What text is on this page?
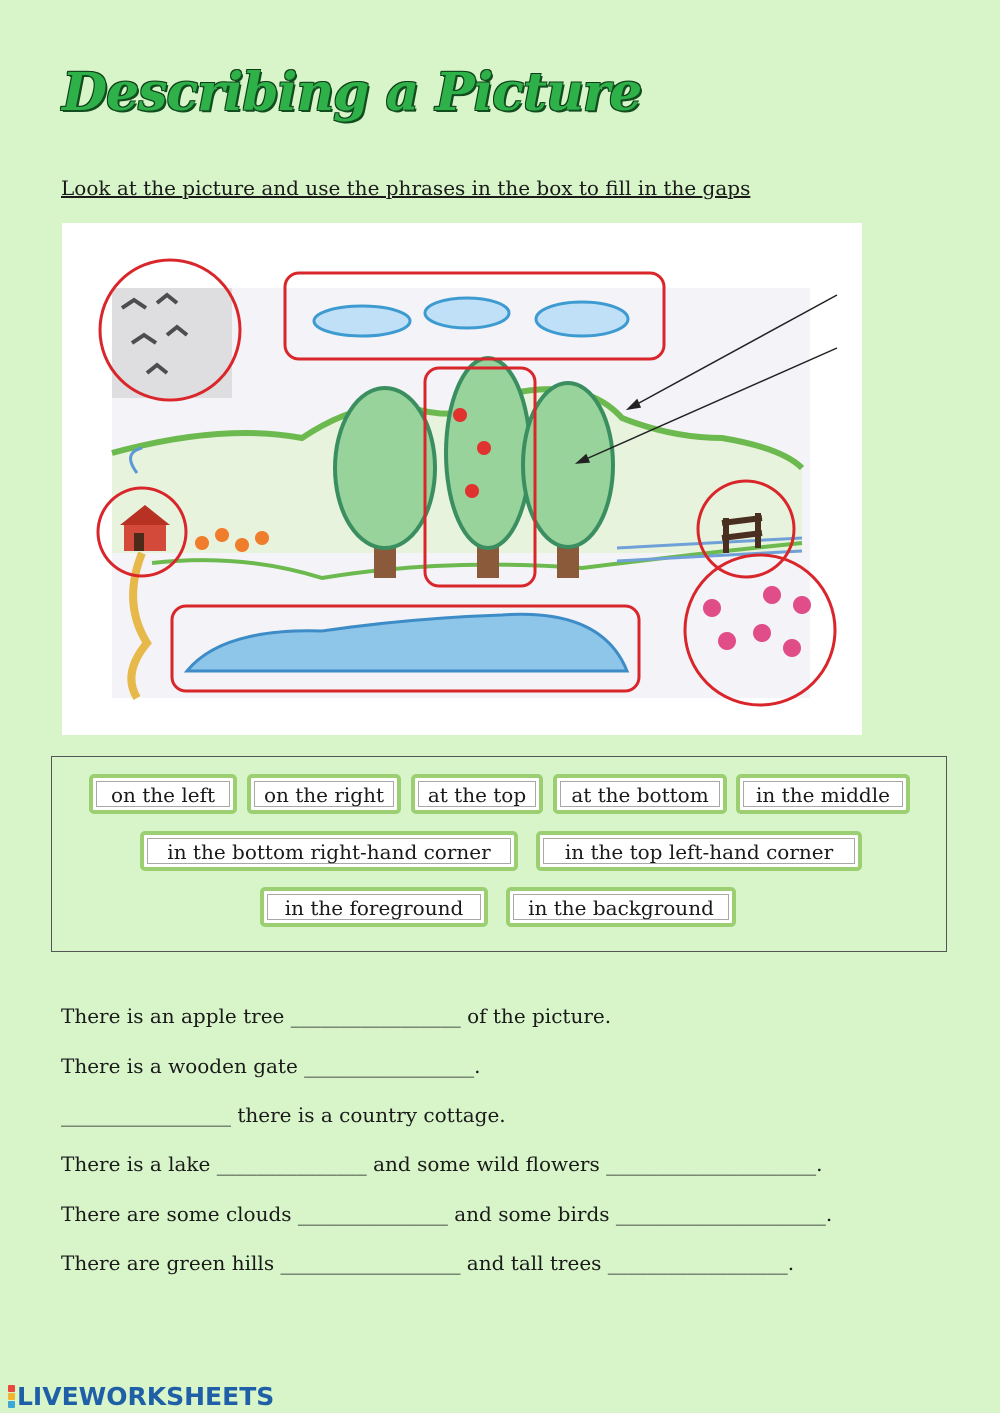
Describing a Picture

Look at the picture and use the phrases in the box to fill in the gaps

on the left	on the right	at the top	at the bottom	in the middle
in the bottom right-hand corner	in the top left-hand corner
in the foreground	in the background

There is an apple tree _________________ of the picture.

There is a wooden gate _________________.

_________________ there is a country cottage.

There is a lake _______________ and some wild flowers _____________________.

There are some clouds _______________ and some birds _____________________.

There are green hills __________________ and tall trees __________________.

LIVEWORKSHEETS
